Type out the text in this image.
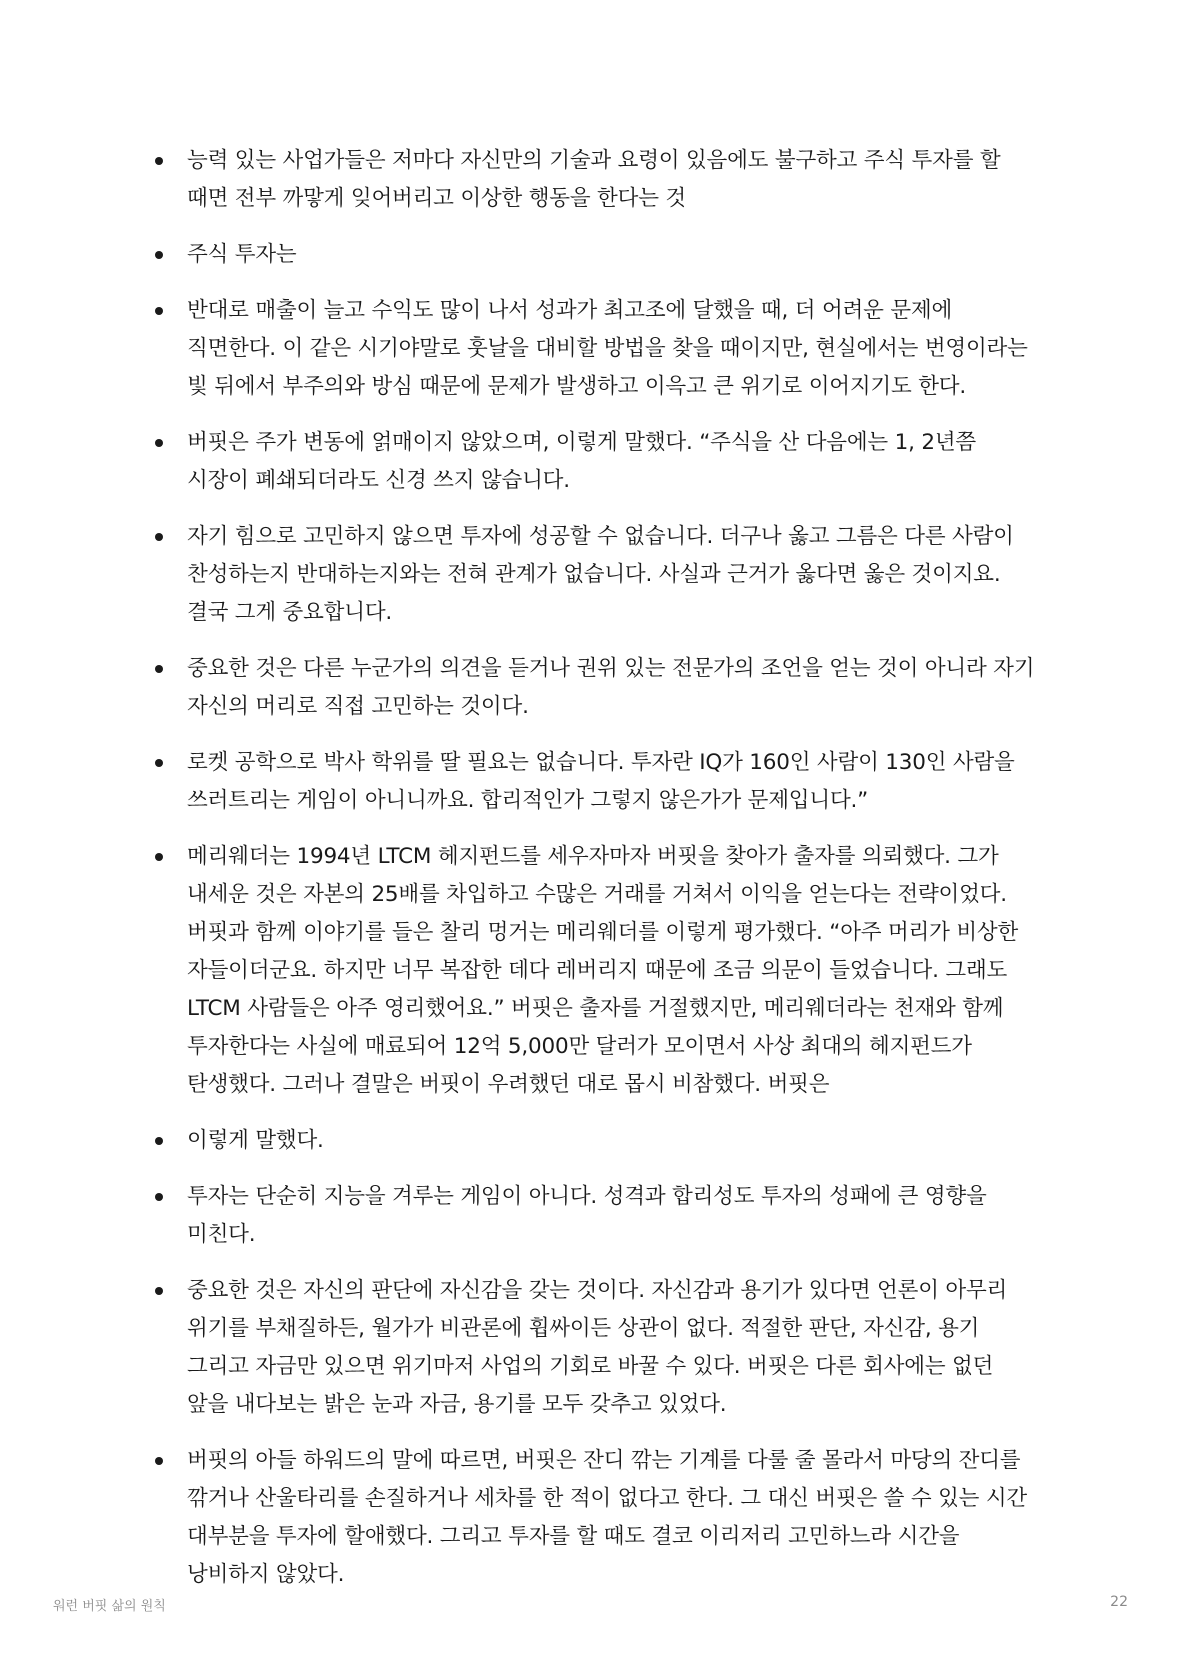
능력 있는 사업가들은 저마다 자신만의 기술과 요령이 있음에도 불구하고 주식 투자를 할 때면 전부 까맣게 잊어버리고 이상한 행동을 한다는 것
주식 투자는
반대로 매출이 늘고 수익도 많이 나서 성과가 최고조에 달했을 때, 더 어려운 문제에 직면한다. 이 같은 시기야말로 훗날을 대비할 방법을 찾을 때이지만, 현실에서는 번영이라는 빛 뒤에서 부주의와 방심 때문에 문제가 발생하고 이윽고 큰 위기로 이어지기도 한다.
버핏은 주가 변동에 얽매이지 않았으며, 이렇게 말했다. “주식을 산 다음에는 1, 2년쯤 시장이 폐쇄되더라도 신경 쓰지 않습니다.
자기 힘으로 고민하지 않으면 투자에 성공할 수 없습니다. 더구나 옳고 그름은 다른 사람이 찬성하는지 반대하는지와는 전혀 관계가 없습니다. 사실과 근거가 옳다면 옳은 것이지요. 결국 그게 중요합니다.
중요한 것은 다른 누군가의 의견을 듣거나 권위 있는 전문가의 조언을 얻는 것이 아니라 자기 자신의 머리로 직접 고민하는 것이다.
로켓 공학으로 박사 학위를 딸 필요는 없습니다. 투자란 IQ가 160인 사람이 130인 사람을 쓰러트리는 게임이 아니니까요. 합리적인가 그렇지 않은가가 문제입니다.”
메리웨더는 1994년 LTCM 헤지펀드를 세우자마자 버핏을 찾아가 출자를 의뢰했다. 그가 내세운 것은 자본의 25배를 차입하고 수많은 거래를 거쳐서 이익을 얻는다는 전략이었다. 버핏과 함께 이야기를 들은 찰리 멍거는 메리웨더를 이렇게 평가했다. “아주 머리가 비상한 자들이더군요. 하지만 너무 복잡한 데다 레버리지 때문에 조금 의문이 들었습니다. 그래도 LTCM 사람들은 아주 영리했어요.” 버핏은 출자를 거절했지만, 메리웨더라는 천재와 함께 투자한다는 사실에 매료되어 12억 5,000만 달러가 모이면서 사상 최대의 헤지펀드가 탄생했다. 그러나 결말은 버핏이 우려했던 대로 몹시 비참했다. 버핏은
이렇게 말했다.
투자는 단순히 지능을 겨루는 게임이 아니다. 성격과 합리성도 투자의 성패에 큰 영향을 미친다.
중요한 것은 자신의 판단에 자신감을 갖는 것이다. 자신감과 용기가 있다면 언론이 아무리 위기를 부채질하든, 월가가 비관론에 휩싸이든 상관이 없다. 적절한 판단, 자신감, 용기 그리고 자금만 있으면 위기마저 사업의 기회로 바꿀 수 있다. 버핏은 다른 회사에는 없던 앞을 내다보는 밝은 눈과 자금, 용기를 모두 갖추고 있었다.
버핏의 아들 하워드의 말에 따르면, 버핏은 잔디 깎는 기계를 다룰 줄 몰라서 마당의 잔디를 깎거나 산울타리를 손질하거나 세차를 한 적이 없다고 한다. 그 대신 버핏은 쓸 수 있는 시간 대부분을 투자에 할애했다. 그리고 투자를 할 때도 결코 이리저리 고민하느라 시간을 낭비하지 않았다.
워런 버핏 삶의 원칙	22
